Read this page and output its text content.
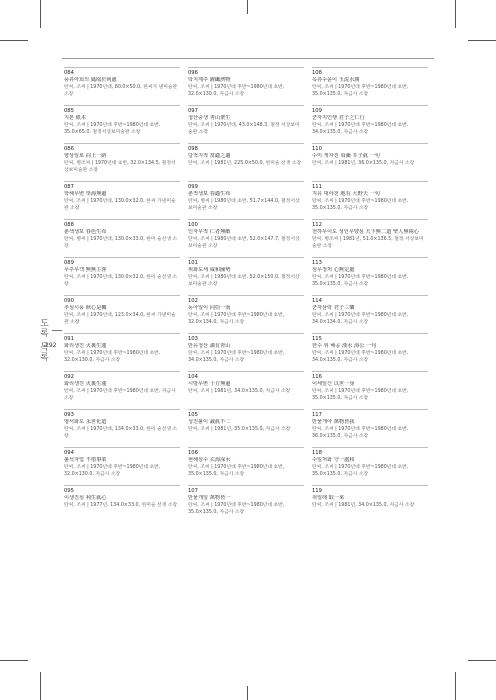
도록 목록
292
084
풍류아희의 鳳凰於何處
탄씨, 조씨 | 1970년대, 80.0×50.0, 한씨가 낸미술관 소장
085
지본 紙本
탄씨, 조씨 | 1970년대 후반~1980년대 초반, 35.0×65.0, 철정서상보미술관 소장
086
향상일로 向上一路
탄씨, 병조씨 | 1970년대 초반, 32.0×134.5, 철정서상보미술관 소장
087
학해무변 學海無邊
탄씨, 조씨 | 1970년대, 130.0×32.0, 한씨 가낸미술관 소장
088
춘색생포 春色生布
탄씨, 병씨 | 1970년대, 130.0×33.0, 한미 술선생 소장
089
무주무객 無無主客
탄씨, 조씨 | 1970년대, 130.0×32.0, 한미 술선생 소장
090
추심시풍 秋心是楓
탄씨, 조씨 | 1970년대, 123.0×34.0, 한씨 가낸미술관 소장
091
화리생진 火裏生蓮
탄씨, 조씨 | 1970년대 후반~1980년대 초반, 32.0×130.0, 자금사 소장
092
화리생진 火裏生蓮
탄씨, 조씨 | 1970년대 후반~1980년대 초반, 자금사 소장
093
영서화도 永世化道
탄씨, 조씨 | 1970년대, 134.0×33.0, 한미 술선생 소장
094
불석자업 不惜事業
탄씨, 조씨 | 1970년대 후반~1980년대 초반, 32.0×130.0, 자금사 소장
095
이생진심 利生眞心
탄씨, 조씨 | 1977년, 134.0×33.0, 한미술 선생 소장
096
탁지제주 濯纖濟物
탄씨, 조씨 | 1970년대 후반~1980년대 초반, 32.0×130.0, 자금사 소장
097
청산중생 靑山衆生
탄씨, 조씨 | 1970년대, 43.0×148.3, 철정 서상보미술관 소장
098
당적지적 當適之適
탄씨, 조씨 | 1981년, 225.0×50.0, 한미술 선생 소장
099
춘적생포 春適生布
탄씨, 병씨 | 1980년대 초반, 51.7×144.0, 철정서상보미술관 소장
100
인자무적 仁者無敵
탄씨, 조씨 | 1980년대 초반, 52.0×147.7, 철정서상보미술관 소장
101
위화도세 威和圖勢
탄씨, 조씨 | 1980년대 초반, 52.0×150.0, 철정서상보미술관 소장
102
동아일이 同亞一而
탄씨, 조씨 | 1970년대 후반~1980년대 초반, 32.0×134.0, 자금사 소장
103
만유청산 滿有靑山
탄씨, 조씨 | 1970년대 후반~1980년대 초반, 34.0×135.0, 자금사 소장
104
시방무변 十方無邊
탄씨, 조씨 | 1981년, 34.0×135.0, 자금사 소장
105
성진불이 誠眞不二
탄씨, 조씨 | 1981년, 35.0×135.0, 자금사 소장
106
현해심수 玄海深水
탄씨, 조씨 | 1970년대 후반~1980년대 초반, 35.0×135.0, 자금사 소장
107
만물개일 萬物皆一
탄씨, 조씨 | 1970년대 후반~1980년대 초반, 35.0×135.0, 자금사 소장
108
옥류수윤이 玉流水潤
탄씨, 조씨 | 1970년대 후반~1980년대 초반, 35.0×135.0, 자금사 소장
109
군자지인행 君子之仁行
탄씨, 조씨 | 1970년대 후반~1980년대 초반, 34.0×135.0, 자금사 소장
110
수미 개자진 須彌 芥子眞 一句
탄씨, 조씨 | 1981년, 36.0×135.0, 자금사 소장
111
지유 대야천 地有 大野天 一句
탄씨, 조씨 | 1970년대 후반~1980년대 초반, 35.0×135.0, 자금사 소장
112
천하무이도 성인무양심 天下無二道 聖人無兩心
탄씨, 병조씨 | 1981년, 51.0×136.5, 철정 서상보미술관 소장
113
심무정처 心無定處
탄씨, 조씨 | 1970년대 후반~1980년대 초반, 35.0×135.0, 자금사 소장
114
군자삼락 君子三樂
탄씨, 조씨 | 1970년대 후반~1980년대 초반, 34.0×134.0, 자금사 소장
115
한수 위 해공 漢水 海公 一句
탄씨, 조씨 | 1970년대 후반~1980년대 초반, 34.0×135.0, 자금사 소장
116
이세일신 以世一身
탄씨, 조씨 | 1970년대 후반~1980년대 초반, 35.0×135.0, 자금사 소장
117
만물개아 萬物皆我
탄씨, 조씨 | 1970년대 후반~1980년대 초반, 36.0×135.0, 자금사 소장
118
수일처화 守一處和
탄씨, 조씨 | 1970년대 후반~1980년대 초반, 35.0×135.0, 자금사 소장
119
취일래 取一來
탄씨, 조씨 | 1981년, 34.0×135.0, 자금사 소장
